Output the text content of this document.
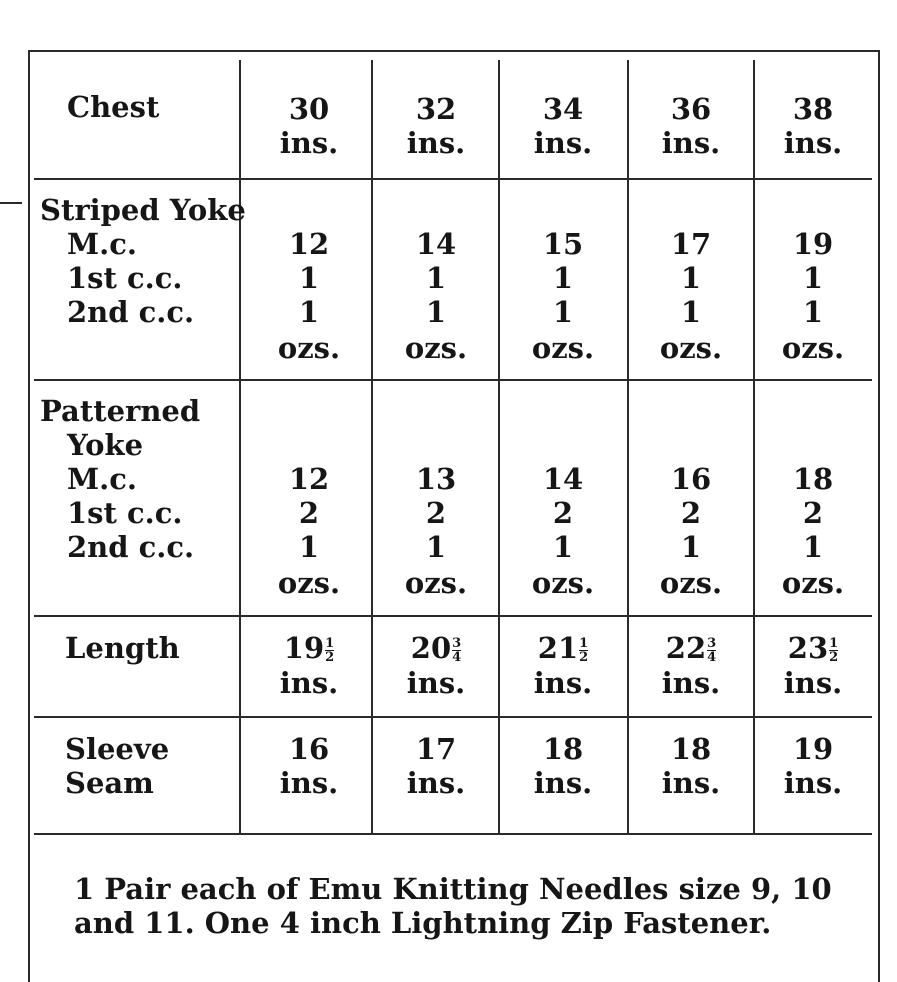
Chest
Striped Yoke
M.c.
1st c.c.
2nd c.c.
Patterned
Yoke
M.c.
1st c.c.
2nd c.c.
Length
Sleeve
Seam
30
ins.
12
1
1
ozs.
12
2
1
ozs.
$19 \frac{1}{2}$
ins.
16
ins.
32
ins.
14
1
1
ozs.
13
2
1
ozs.
$20 \frac{3}{4}$
ins.
17
ins.
34
ins.
15
1
1
ozs.
14
2
1
ozs.
$21 \frac{1}{2}$
ins.
18
ins.
36
ins.
17
1
1
ozs.
16
2
1
ozs.
$22 \frac{3}{4}$
ins.
18
ins.
38
ins.
19
1
1
ozs.
18
2
1
ozs.
$23 \frac{1}{2}$
ins.
19
ins.
1 Pair each of Emu Knitting Needles size 9, 10
and 11. One 4 inch Lightning Zip Fastener.
